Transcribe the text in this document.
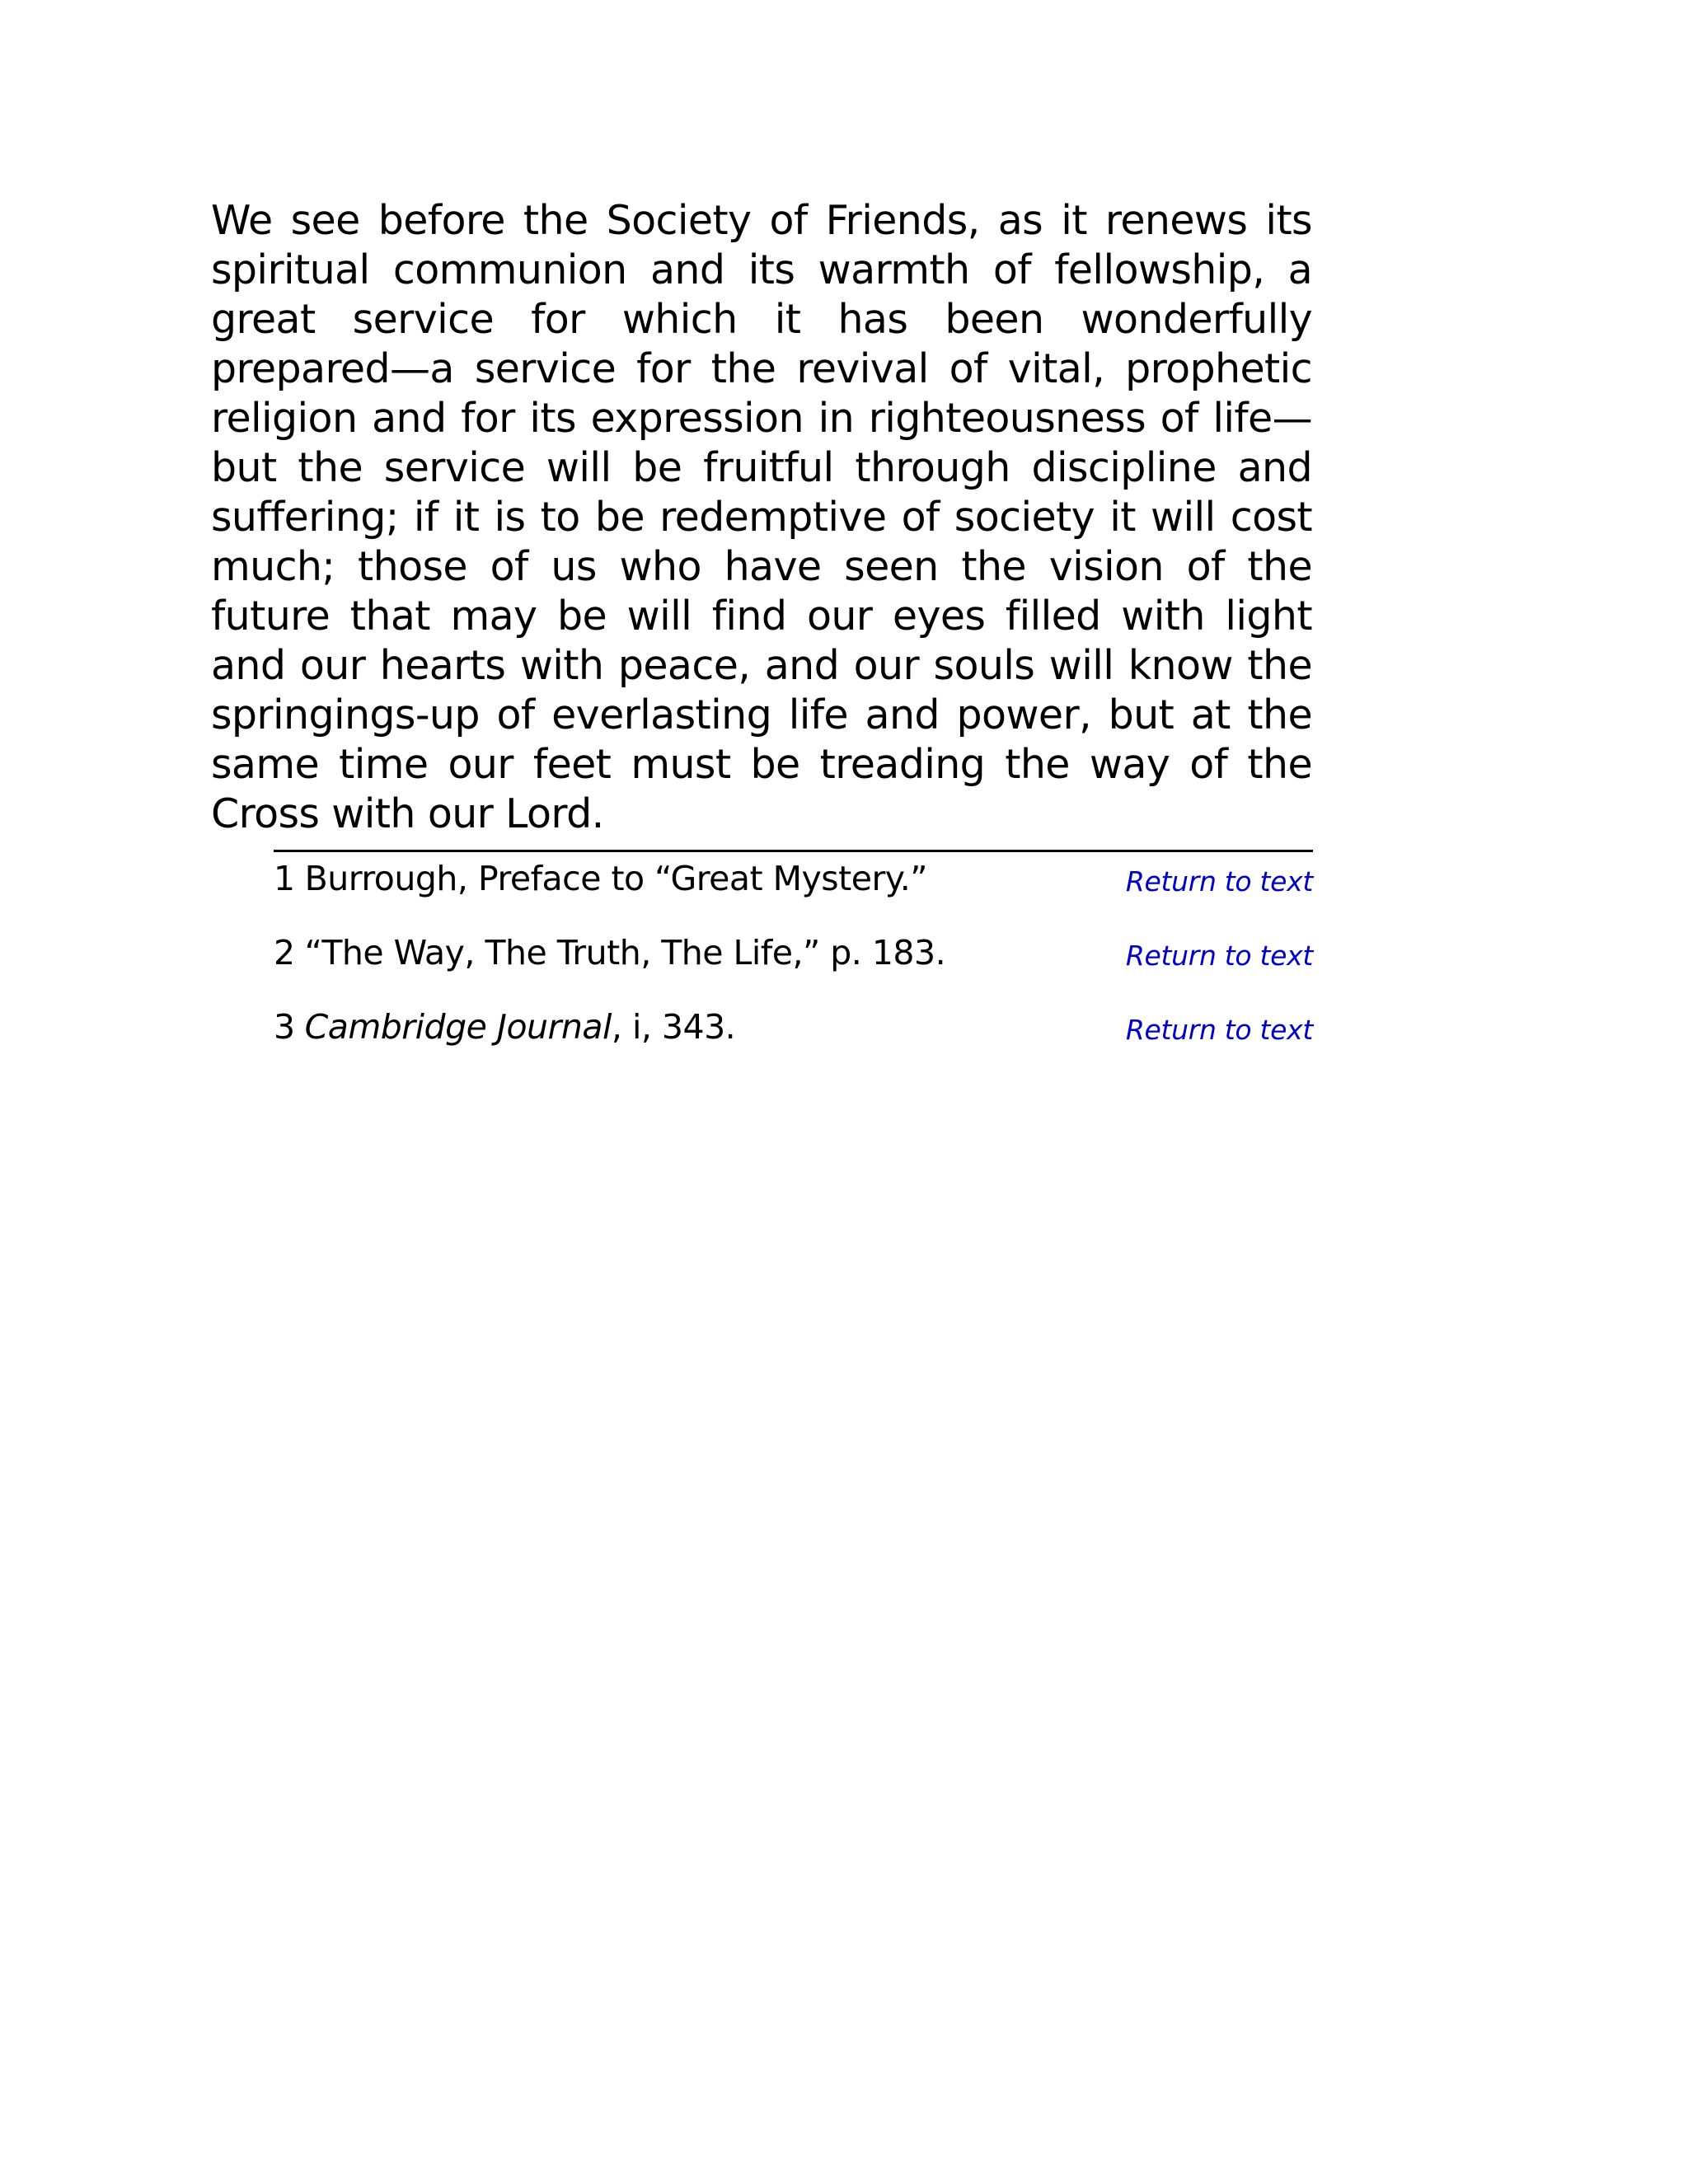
We see before the Society of Friends, as it renews its spiritual communion and its warmth of fellowship, a great service for which it has been wonderfully prepared—a service for the revival of vital, prophetic religion and for its expression in righteousness of life—but the service will be fruitful through discipline and suffering; if it is to be redemptive of society it will cost much; those of us who have seen the vision of the future that may be will find our eyes filled with light and our hearts with peace, and our souls will know the springings-up of everlasting life and power, but at the same time our feet must be treading the way of the Cross with our Lord.

1 Burrough, Preface to “Great Mystery.”	Return to text
2 “The Way, The Truth, The Life,” p. 183.	Return to text
3 Cambridge Journal, i, 343.	Return to text
